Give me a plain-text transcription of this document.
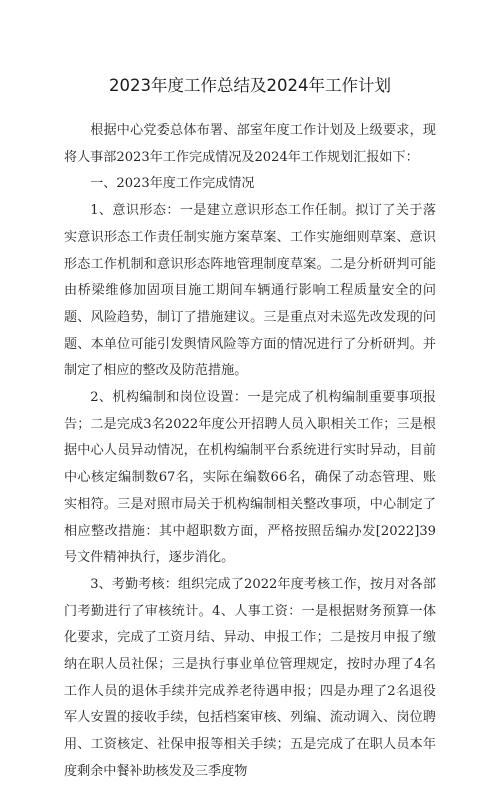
2023年度工作总结及2024年工作计划

根据中心党委总体布署、部室年度工作计划及上级要求，现将人事部2023年工作完成情况及2024年工作规划汇报如下：

一、2023年度工作完成情况

1、意识形态：一是建立意识形态工作任制。拟订了关于落实意识形态工作责任制实施方案草案、工作实施细则草案、意识形态工作机制和意识形态阵地管理制度草案。二是分析研判可能由桥梁维修加固项目施工期间车辆通行影响工程质量安全的问题、风险趋势，制订了措施建议。三是重点对未巡先改发现的问题、本单位可能引发舆情风险等方面的情况进行了分析研判。并制定了相应的整改及防范措施。

2、机构编制和岗位设置：一是完成了机构编制重要事项报告；二是完成3名2022年度公开招聘人员入职相关工作；三是根据中心人员异动情况，在机构编制平台系统进行实时异动，目前中心核定编制数67名，实际在编数66名，确保了动态管理、账实相符。三是对照市局关于机构编制相关整改事项，中心制定了相应整改措施：其中超职数方面，严格按照岳编办发[2022]39号文件精神执行，逐步消化。

3、考勤考核：组织完成了2022年度考核工作，按月对各部门考勤进行了审核统计。4、人事工资：一是根据财务预算一体化要求，完成了工资月结、异动、申报工作；二是按月申报了缴纳在职人员社保；三是执行事业单位管理规定，按时办理了4名工作人员的退休手续并完成养老待遇申报；四是办理了2名退役军人安置的接收手续，包括档案审核、列编、流动调入、岗位聘用、工资核定、社保申报等相关手续；五是完成了在职人员本年度剩余中餐补助核发及三季度物
